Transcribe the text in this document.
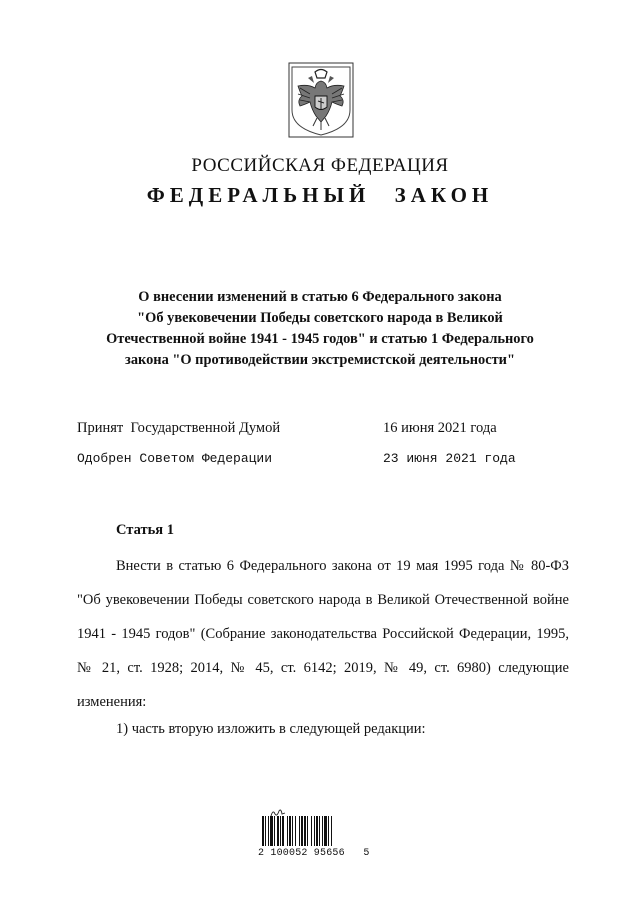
РОССИЙСКАЯ ФЕДЕРАЦИЯ
ФЕДЕРАЛЬНЫЙ ЗАКОН
О внесении изменений в статью 6 Федерального закона
"Об увековечении Победы советского народа в Великой
Отечественной войне 1941 - 1945 годов" и статью 1 Федерального
закона "О противодействии экстремистской деятельности"
Принят  Государственной Думой	16 июня 2021 года
Одобрен Советом Федерации	23 июня 2021 года
Статья 1
Внести в статью 6 Федерального закона от 19 мая 1995 года № 80-ФЗ "Об увековечении Победы советского народа в Великой Отечественной войне 1941 - 1945 годов" (Собрание законодательства Российской Федерации, 1995, № 21, ст. 1928; 2014, № 45, ст. 6142; 2019, № 49, ст. 6980) следующие изменения:
1) часть вторую изложить в следующей редакции:
2 100052 95656   5
